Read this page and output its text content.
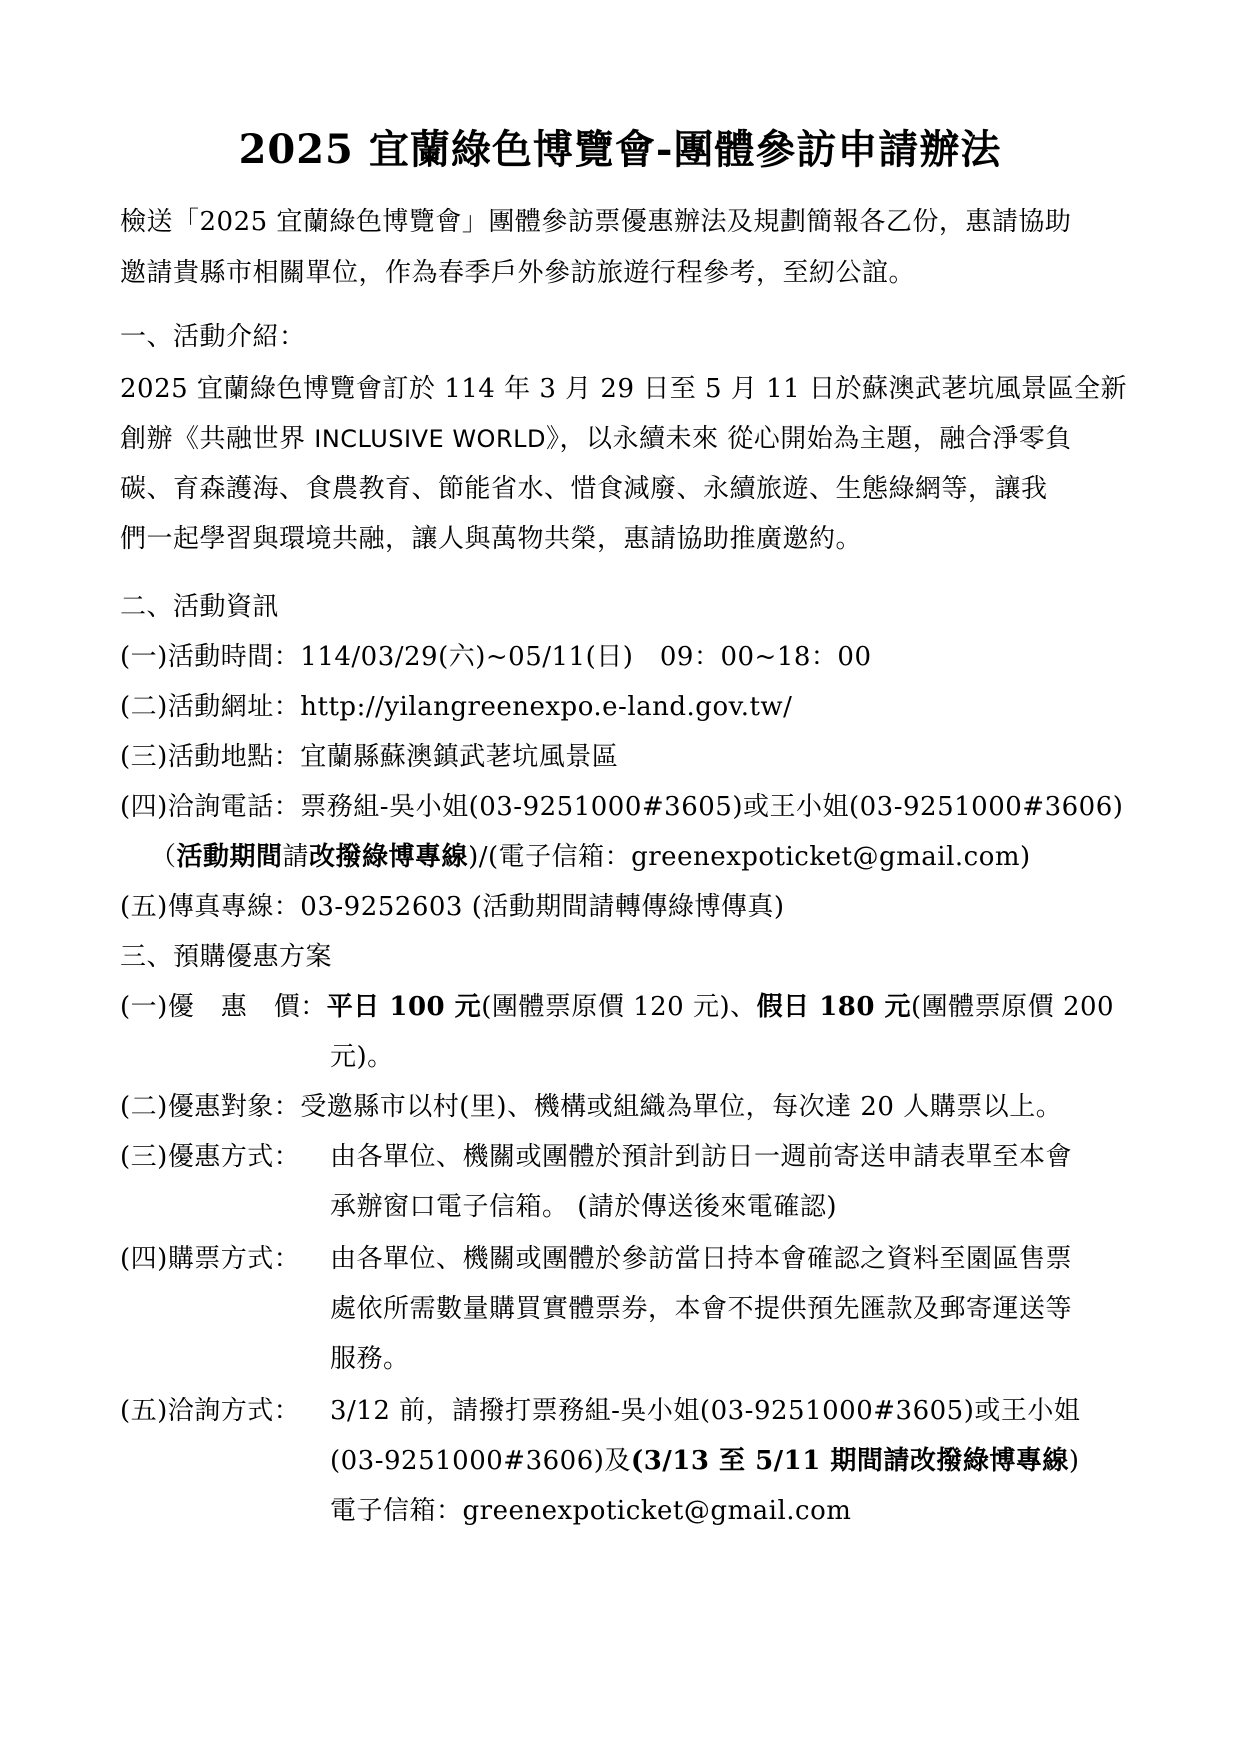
2025 宜蘭綠色博覽會-團體參訪申請辦法
檢送「2025 宜蘭綠色博覽會」團體參訪票優惠辦法及規劃簡報各乙份，惠請協助
邀請貴縣市相關單位，作為春季戶外參訪旅遊行程參考，至紉公誼。
一、活動介紹：
2025 宜蘭綠色博覽會訂於 114 年 3 月 29 日至 5 月 11 日於蘇澳武荖坑風景區全新
創辦《共融世界 INCLUSIVE WORLD》，以永續未來 從心開始為主題，融合淨零負
碳、育森護海、食農教育、節能省水、惜食減廢、永續旅遊、生態綠網等，讓我
們一起學習與環境共融，讓人與萬物共榮，惠請協助推廣邀約。
二、活動資訊
(一)活動時間：114/03/29(六)~05/11(日)　09：00~18：00
(二)活動網址：http://yilangreenexpo.e-land.gov.tw/
(三)活動地點：宜蘭縣蘇澳鎮武荖坑風景區
(四)洽詢電話：票務組-吳小姐(03-9251000#3605)或王小姐(03-9251000#3606)
（活動期間請改撥綠博專線)/(電子信箱：greenexpoticket@gmail.com)
(五)傳真專線：03-9252603 (活動期間請轉傳綠博傳真)
三、預購優惠方案
(一)優　惠　價：平日 100 元(團體票原價 120 元)、假日 180 元(團體票原價 200
元)。
(二)優惠對象：受邀縣市以村(里)、機構或組織為單位，每次達 20 人購票以上。
(三)優惠方式： 由各單位、機關或團體於預計到訪日一週前寄送申請表單至本會
承辦窗口電子信箱。 (請於傳送後來電確認)
(四)購票方式： 由各單位、機關或團體於參訪當日持本會確認之資料至園區售票
處依所需數量購買實體票券，本會不提供預先匯款及郵寄運送等
服務。
(五)洽詢方式： 3/12 前，請撥打票務組-吳小姐(03-9251000#3605)或王小姐
(03-9251000#3606)及(3/13 至 5/11 期間請改撥綠博專線)
電子信箱：greenexpoticket@gmail.com
